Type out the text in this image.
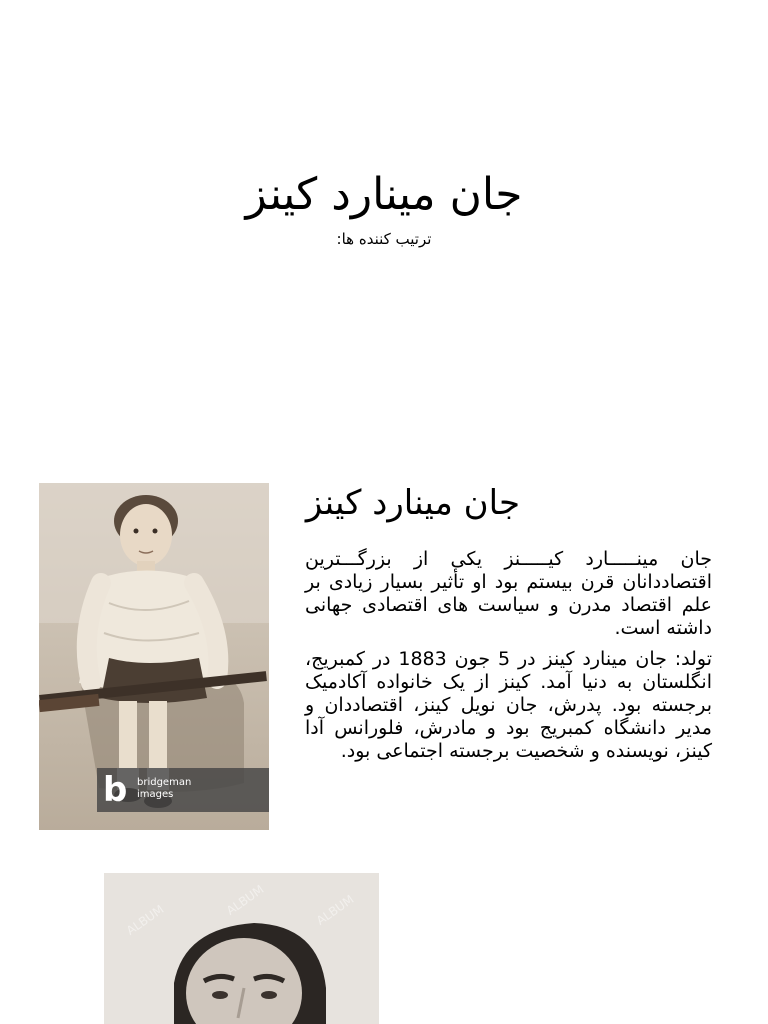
جان مینارد کینز
ترتیب کننده ها:
b bridgeman
images
جان مینارد کینز

جان مینـــــارد کیـــــنز یکی از بزرگـــترین اقتصاددانان قرن بیستم بود او تأثیر بسیار زیادی بر علم اقتصاد مدرن و سیاست های اقتصادی جهانی داشته است.

تولد: جان مینارد کینز در 5 جون 1883 در کمبریج، انگلستان به دنیا آمد. کینز از یک خانواده آکادمیک برجسته بود. پدرش، جان نویل کینز، اقتصاددان و مدیر دانشگاه کمبریج بود و مادرش، فلورانس آدا کینز، نویسنده و شخصیت برجسته اجتماعی بود.

ALBUM
ALBUM	ALBUM
